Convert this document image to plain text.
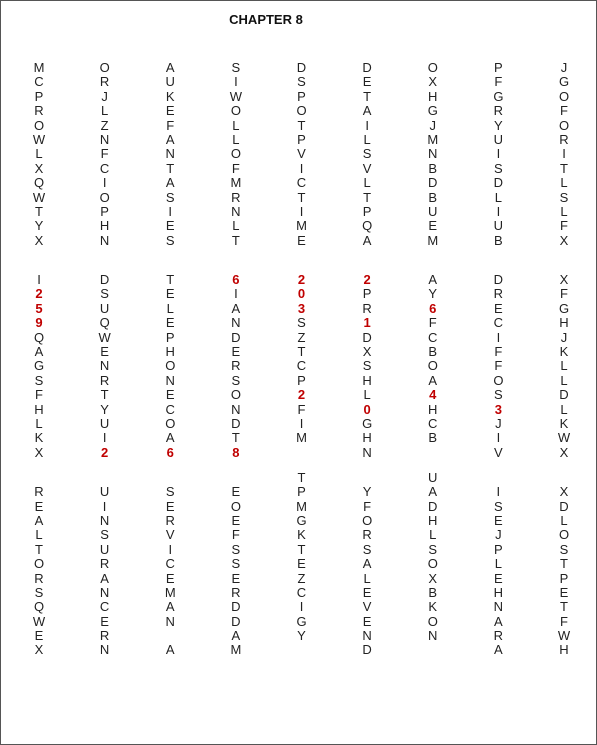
CHAPTER 8
M
C
P
R
O
W
L
X
Q
W
T
Y
X
I
2
5
9
Q
A
G
S
F
H
L
K
X
R
E
A
L
T
O
R
S
Q
W
E
X
O
R
J
L
Z
N
F
C
I
O
P
H
N
D
S
U
Q
W
E
N
R
T
Y
U
I
2
U
I
N
S
U
R
A
N
C
E
R
N
A
U
K
E
F
A
N
T
A
S
I
E
S
T
E
L
E
P
H
O
N
E
C
O
A
6
S
E
R
V
I
C
E
M
A
N

A
S
I
W
O
L
L
O
F
M
R
N
L
T
6
I
A
N
D
E
R
S
O
N
D
T
8
E
O
E
F
S
S
E
R
D
D
A
M
D
S
P
O
T
P
V
I
C
T
I
M
E
2
0
3
S
Z
T
C
P
2
F
I
M
T
P
M
G
K
T
E
Z
C
I
G
Y
D
E
T
A
I
L
S
V
L
T
P
Q
A
2
P
R
1
D
X
S
H
L
0
G
H
N
Y
F
O
R
S
A
L
E
V
E
N
D
O
X
H
G
J
M
N
B
D
B
U
E
M
A
Y
6
F
C
B
O
A
4
H
C
B
U
A
D
H
L
S
O
X
B
K
O
N
P
F
G
R
Y
U
I
S
D
L
I
U
B
D
R
E
C
I
F
F
O
S
3
J
I
V
I
S
E
J
P
L
E
H
N
A
R
A
J
G
O
F
O
R
I
T
L
S
L
F
X
X
F
G
H
J
K
L
L
D
L
K
W
X
X
D
L
O
S
T
P
E
T
F
W
H
